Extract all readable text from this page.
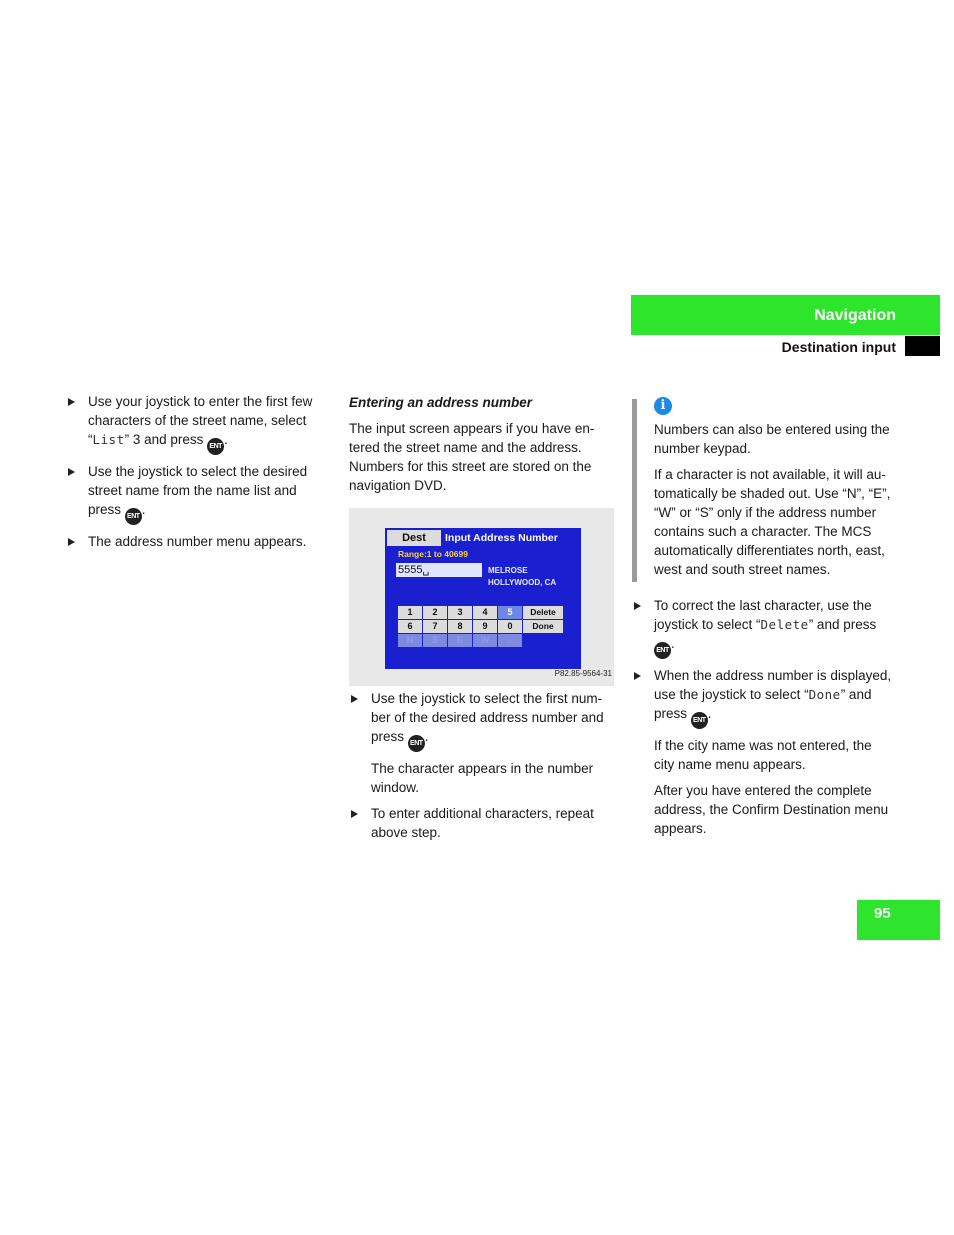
Navigation
Destination input
Use your joystick to enter the first few
characters of the street name, select
“List” 3 and press ENT .
Use the joystick to select the desired
street name from the name list and
press ENT .
The address number menu appears.
Entering an address number
The input screen appears if you have en-
tered the street name and the address.
Numbers for this street are stored on the
navigation DVD.
Dest	Input Address Number
Range:1 to 40699
5555␣	MELROSE
HOLLYWOOD, CA
1	2	3	4	5	Delete
6	7	8	9	0	Done
N	S	E	W	←
P82.85-9564-31
Use the joystick to select the first num-
ber of the desired address number and
press ENT .
The character appears in the number
window.
To enter additional characters, repeat
above step.
i
Numbers can also be entered using the
number keypad.
If a character is not available, it will au-
tomatically be shaded out. Use “N”, “E”,
“W” or “S” only if the address number
contains such a character. The MCS
automatically differentiates north, east,
west and south street names.
To correct the last character, use the
joystick to select “Delete” and press
ENT .
When the address number is displayed,
use the joystick to select “Done” and
press ENT .
If the city name was not entered, the
city name menu appears.
After you have entered the complete
address, the Confirm Destination menu
appears.
95
